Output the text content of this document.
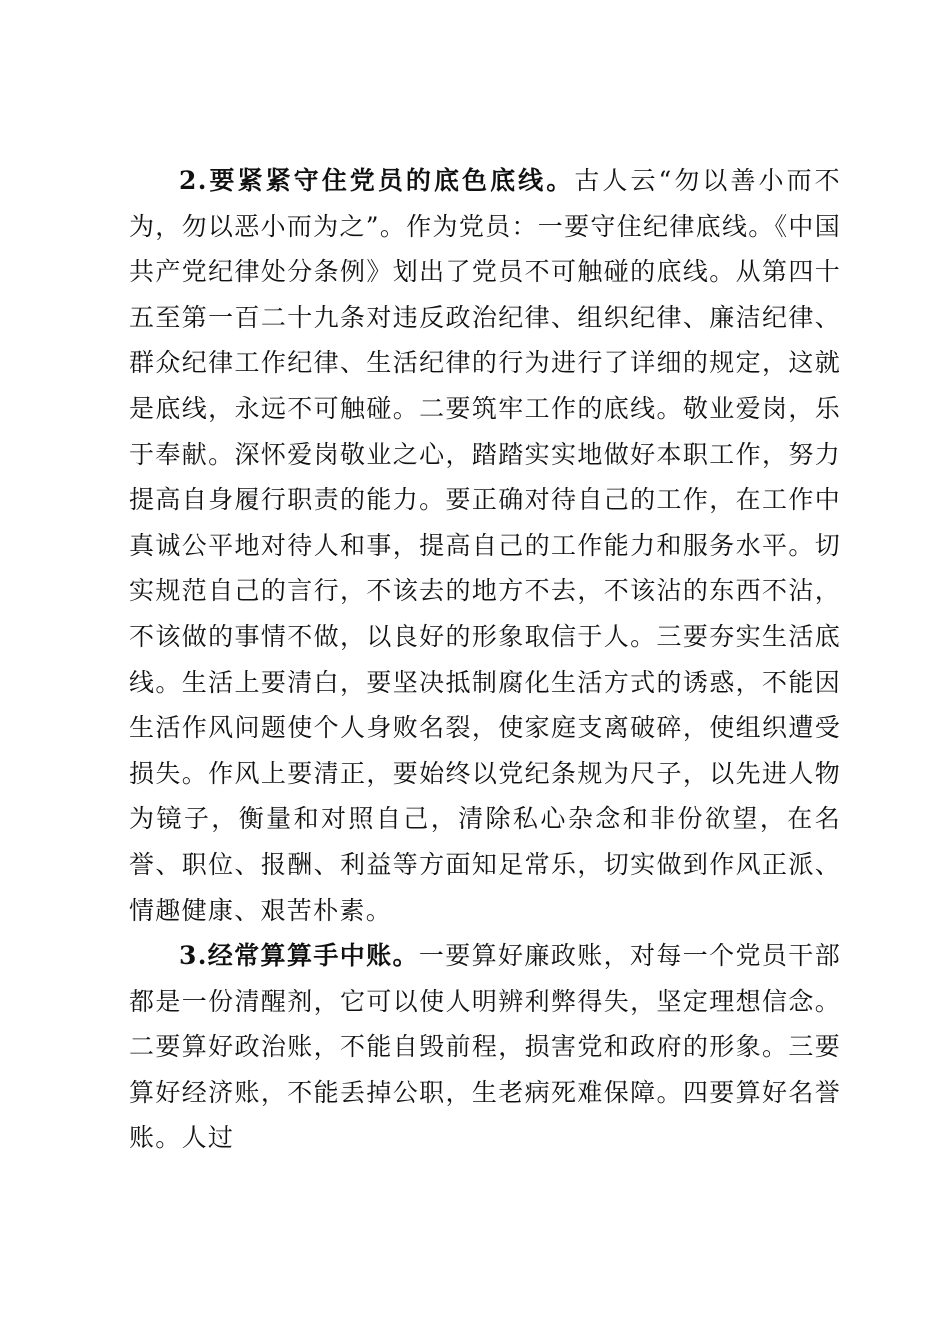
2.要紧紧守住党员的底色底线。古人云“勿以善小而不为，勿以恶小而为之”。作为党员：一要守住纪律底线。《中国共产党纪律处分条例》划出了党员不可触碰的底线。从第四十五至第一百二十九条对违反政治纪律、组织纪律、廉洁纪律、群众纪律工作纪律、生活纪律的行为进行了详细的规定，这就是底线，永远不可触碰。二要筑牢工作的底线。敬业爱岗，乐于奉献。深怀爱岗敬业之心，踏踏实实地做好本职工作，努力提高自身履行职责的能力。要正确对待自己的工作，在工作中真诚公平地对待人和事，提高自己的工作能力和服务水平。切实规范自己的言行，不该去的地方不去，不该沾的东西不沾，不该做的事情不做，以良好的形象取信于人。三要夯实生活底线。生活上要清白，要坚决抵制腐化生活方式的诱惑，不能因生活作风问题使个人身败名裂，使家庭支离破碎，使组织遭受损失。作风上要清正，要始终以党纪条规为尺子，以先进人物为镜子，衡量和对照自己，清除私心杂念和非份欲望，在名誉、职位、报酬、利益等方面知足常乐，切实做到作风正派、情趣健康、艰苦朴素。

3.经常算算手中账。一要算好廉政账，对每一个党员干部都是一份清醒剂，它可以使人明辨利弊得失，坚定理想信念。二要算好政治账，不能自毁前程，损害党和政府的形象。三要算好经济账，不能丢掉公职，生老病死难保障。四要算好名誉账。人过
